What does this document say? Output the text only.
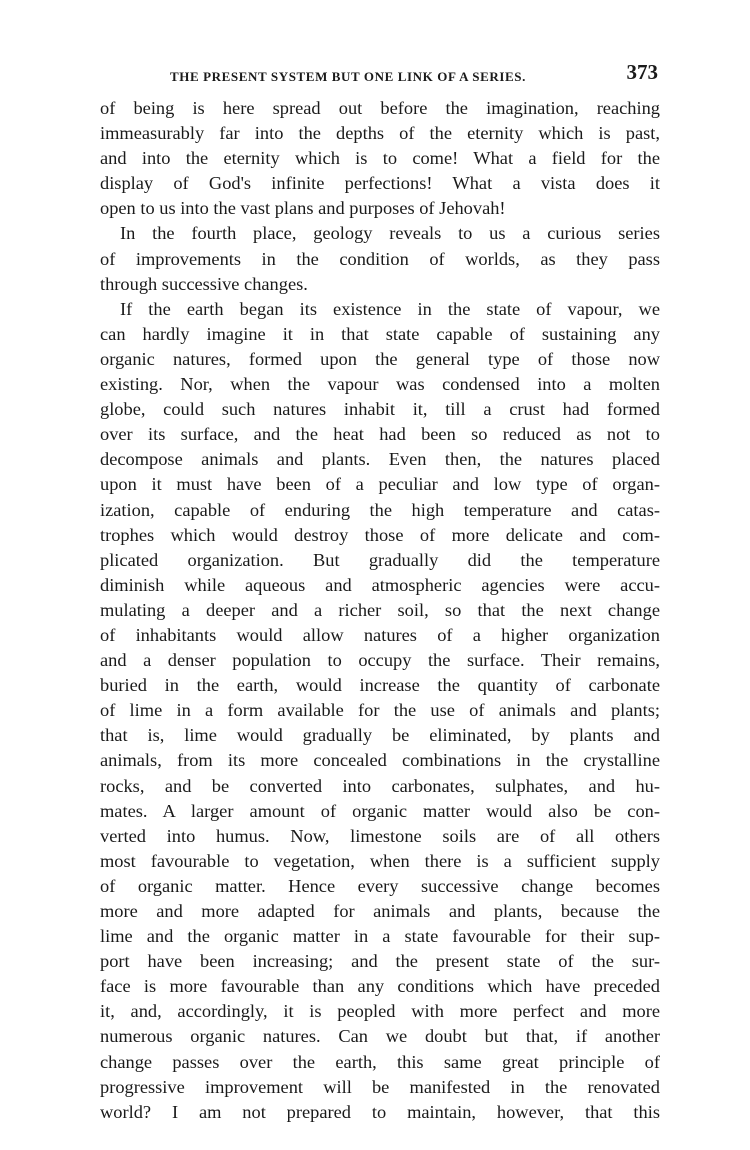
THE PRESENT SYSTEM BUT ONE LINK OF A SERIES.	373
of being is here spread out before the imagination, reaching
immeasurably far into the depths of the eternity which is past,
and into the eternity which is to come! What a field for the
display of God's infinite perfections! What a vista does it
open to us into the vast plans and purposes of Jehovah!
In the fourth place, geology reveals to us a curious series
of improvements in the condition of worlds, as they pass
through successive changes.
If the earth began its existence in the state of vapour, we
can hardly imagine it in that state capable of sustaining any
organic natures, formed upon the general type of those now
existing. Nor, when the vapour was condensed into a molten
globe, could such natures inhabit it, till a crust had formed
over its surface, and the heat had been so reduced as not to
decompose animals and plants. Even then, the natures placed
upon it must have been of a peculiar and low type of organ-
ization, capable of enduring the high temperature and catas-
trophes which would destroy those of more delicate and com-
plicated organization. But gradually did the temperature
diminish while aqueous and atmospheric agencies were accu-
mulating a deeper and a richer soil, so that the next change
of inhabitants would allow natures of a higher organization
and a denser population to occupy the surface. Their remains,
buried in the earth, would increase the quantity of carbonate
of lime in a form available for the use of animals and plants;
that is, lime would gradually be eliminated, by plants and
animals, from its more concealed combinations in the crystalline
rocks, and be converted into carbonates, sulphates, and hu-
mates. A larger amount of organic matter would also be con-
verted into humus. Now, limestone soils are of all others
most favourable to vegetation, when there is a sufficient supply
of organic matter. Hence every successive change becomes
more and more adapted for animals and plants, because the
lime and the organic matter in a state favourable for their sup-
port have been increasing; and the present state of the sur-
face is more favourable than any conditions which have preceded
it, and, accordingly, it is peopled with more perfect and more
numerous organic natures. Can we doubt but that, if another
change passes over the earth, this same great principle of
progressive improvement will be manifested in the renovated
world? I am not prepared to maintain, however, that this
